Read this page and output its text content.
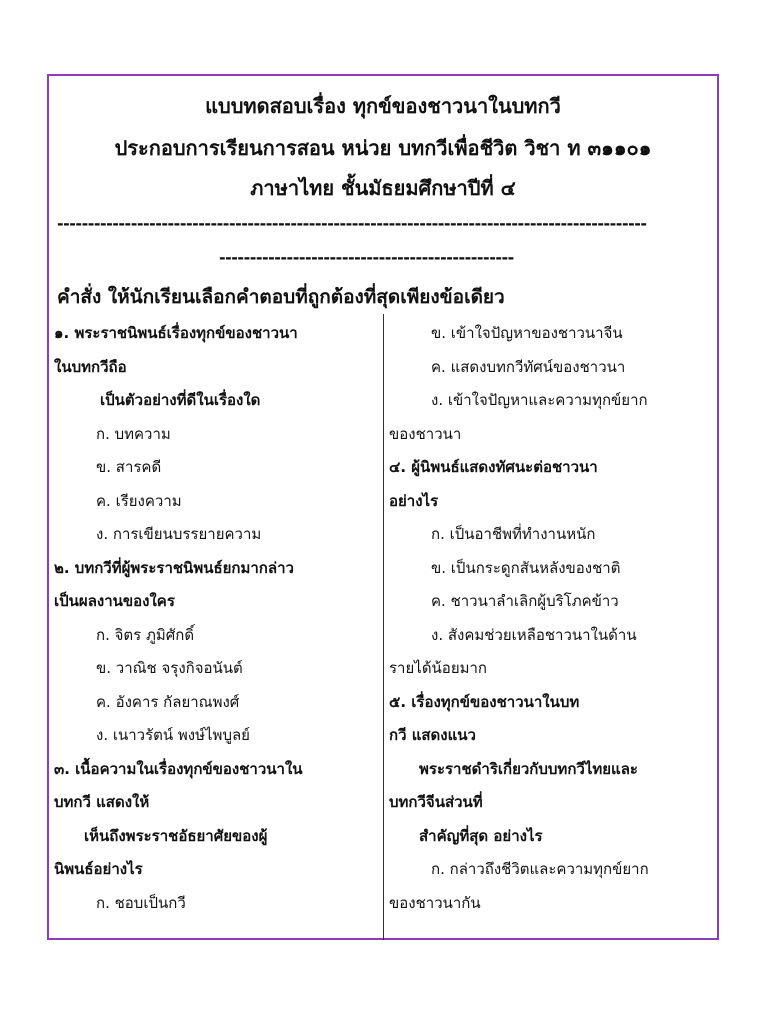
แบบทดสอบเรื่อง ทุกข์ของชาวนาในบทกวี
ประกอบการเรียนการสอน หน่วย บทกวีเพื่อชีวิต วิชา ท ๓๑๑๐๑
ภาษาไทย ชั้นมัธยมศึกษาปีที่ ๔
------------------------------------------------------------------------------------------------
------------------------------------------------
คำสั่ง ให้นักเรียนเลือกคำตอบที่ถูกต้องที่สุดเพียงข้อเดียว
๑. พระราชนิพนธ์เรื่องทุกข์ของชาวนา
ในบทกวีถือ
เป็นตัวอย่างที่ดีในเรื่องใด
ก. บทความ
ข. สารคดี
ค. เรียงความ
ง. การเขียนบรรยายความ
๒. บทกวีที่ผู้พระราชนิพนธ์ยกมากล่าว
เป็นผลงานของใคร
ก. จิตร ภูมิศักดิ์
ข. วาณิช จรุงกิจอนันต์
ค. อังคาร กัลยาณพงศ์
ง. เนาวรัตน์ พงษ์ไพบูลย์
๓. เนื้อความในเรื่องทุกข์ของชาวนาใน
บทกวี แสดงให้
เห็นถึงพระราชอัธยาศัยของผู้
นิพนธ์อย่างไร
ก. ชอบเป็นกวี
ข. เข้าใจปัญหาของชาวนาจีน
ค. แสดงบทกวีทัศน์ของชาวนา
ง. เข้าใจปัญหาและความทุกข์ยาก
ของชาวนา
๔. ผู้นิพนธ์แสดงทัศนะต่อชาวนา
อย่างไร
ก. เป็นอาชีพที่ทำงานหนัก
ข. เป็นกระดูกสันหลังของชาติ
ค. ชาวนาลำเลิกผู้บริโภคข้าว
ง. สังคมช่วยเหลือชาวนาในด้าน
รายได้น้อยมาก
๕. เรื่องทุกข์ของชาวนาในบท
กวี แสดงแนว
พระราชดำริเกี่ยวกับบทกวีไทยและ
บทกวีจีนส่วนที่
สำคัญที่สุด อย่างไร
ก. กล่าวถึงชีวิตและความทุกข์ยาก
ของชาวนากัน
